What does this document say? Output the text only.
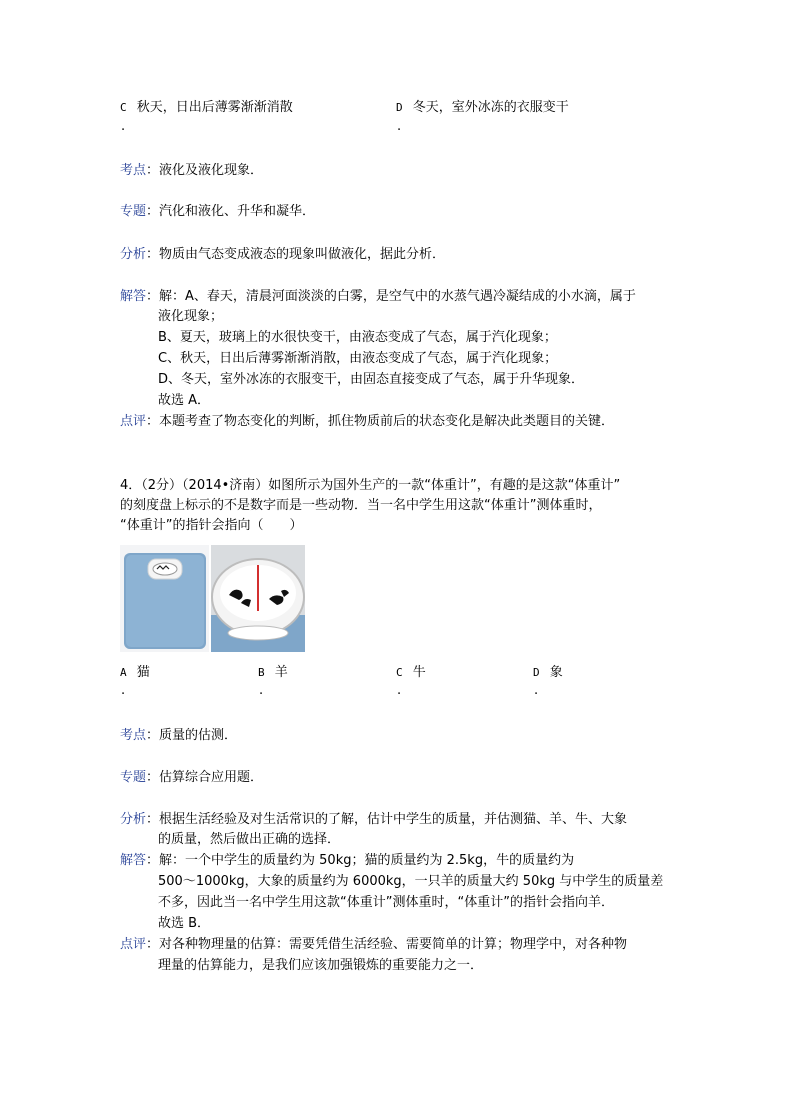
C 秋天，日出后薄雾渐渐消散
.
D 冬天，室外冰冻的衣服变干
.
考点：液化及液化现象．
专题：汽化和液化、升华和凝华．
分析：物质由气态变成液态的现象叫做液化，据此分析．
解答：解：A、春天，清晨河面淡淡的白雾，是空气中的水蒸气遇冷凝结成的小水滴，属于
液化现象；
B、夏天，玻璃上的水很快变干，由液态变成了气态，属于汽化现象；
C、秋天，日出后薄雾渐渐消散，由液态变成了气态，属于汽化现象；
D、冬天，室外冰冻的衣服变干，由固态直接变成了气态，属于升华现象．
故选 A．
点评：本题考查了物态变化的判断，抓住物质前后的状态变化是解决此类题目的关键．
4．（2分）（2014•济南）如图所示为国外生产的一款“体重计”，有趣的是这款“体重计”
的刻度盘上标示的不是数字而是一些动物．当一名中学生用这款“体重计”测体重时，
“体重计”的指针会指向（　　）
A 猫
.
B 羊
.
C 牛
.
D 象
.
考点：质量的估测．
专题：估算综合应用题．
分析：根据生活经验及对生活常识的了解，估计中学生的质量，并估测猫、羊、牛、大象
的质量，然后做出正确的选择．
解答：解：一个中学生的质量约为 50kg；猫的质量约为 2.5kg，牛的质量约为
500～1000kg，大象的质量约为 6000kg，一只羊的质量大约 50kg 与中学生的质量差
不多，因此当一名中学生用这款“体重计”测体重时，“体重计”的指针会指向羊．
故选 B．
点评：对各种物理量的估算：需要凭借生活经验、需要简单的计算；物理学中，对各种物
理量的估算能力，是我们应该加强锻炼的重要能力之一．
